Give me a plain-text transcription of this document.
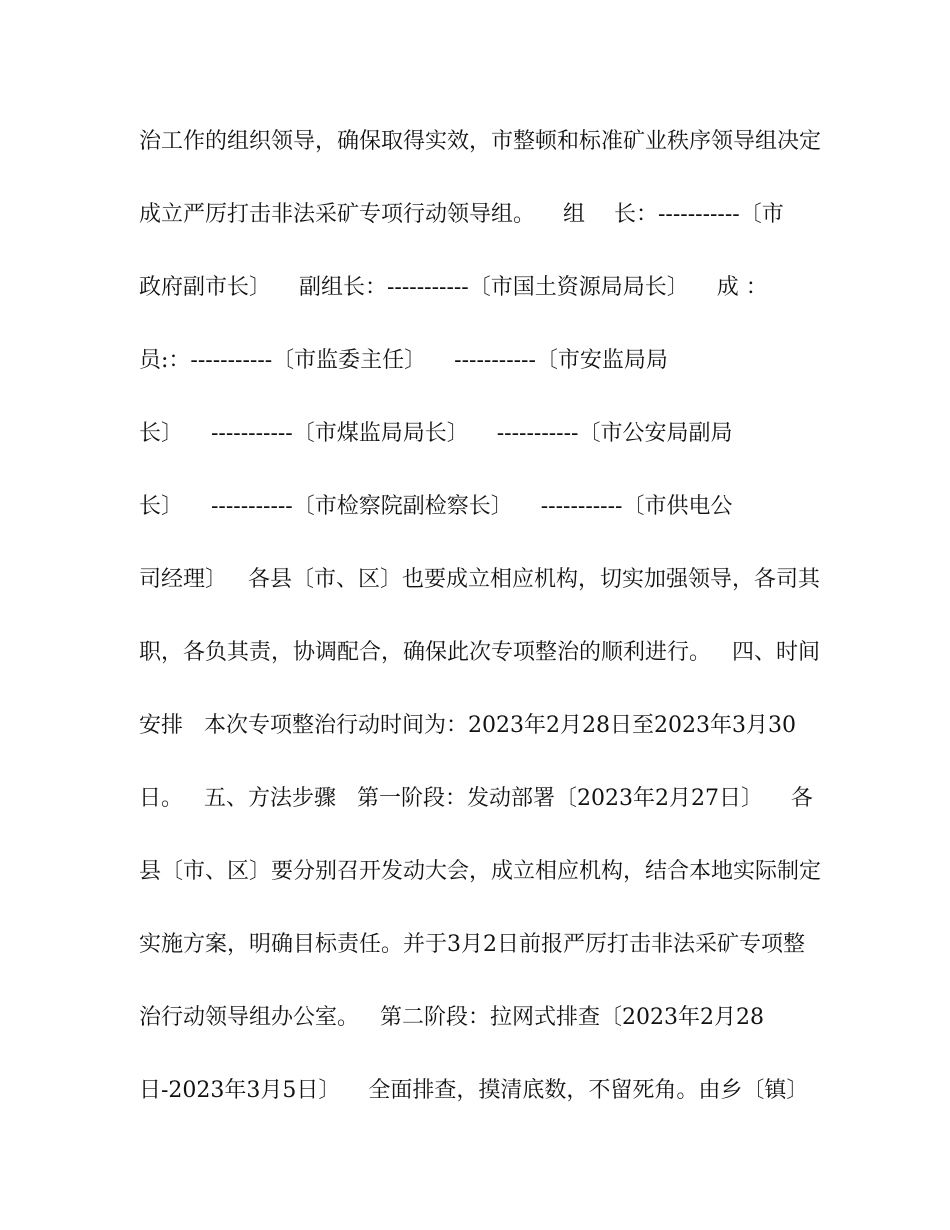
治工作的组织领导，确保取得实效，市整顿和标准矿业秩序领导组决定
成立严厉打击非法采矿专项行动领导组。    组　 长：-----------〔市
政府副市长〕    副组长：-----------〔市国土资源局局长〕    成 ：
员:：-----------〔市监委主任〕    -----------〔市安监局局
长〕    -----------〔市煤监局局长〕    -----------〔市公安局副局
长〕    -----------〔市检察院副检察长〕    -----------〔市供电公
司经理〕   各县〔市、区〕也要成立相应机构，切实加强领导，各司其
职，各负其责，协调配合，确保此次专项整治的顺利进行。   四、时间
安排   本次专项整治行动时间为：2023年2月28日至2023年3月30
日。   五、方法步骤   第一阶段：发动部署〔2023年2月27日〕    各
县〔市、区〕要分别召开发动大会，成立相应机构，结合本地实际制定
实施方案，明确目标责任。并于3月2日前报严厉打击非法采矿专项整
治行动领导组办公室。   第二阶段：拉网式排查〔2023年2月28
日-2023年3月5日〕    全面排查，摸清底数，不留死角。由乡〔镇〕
